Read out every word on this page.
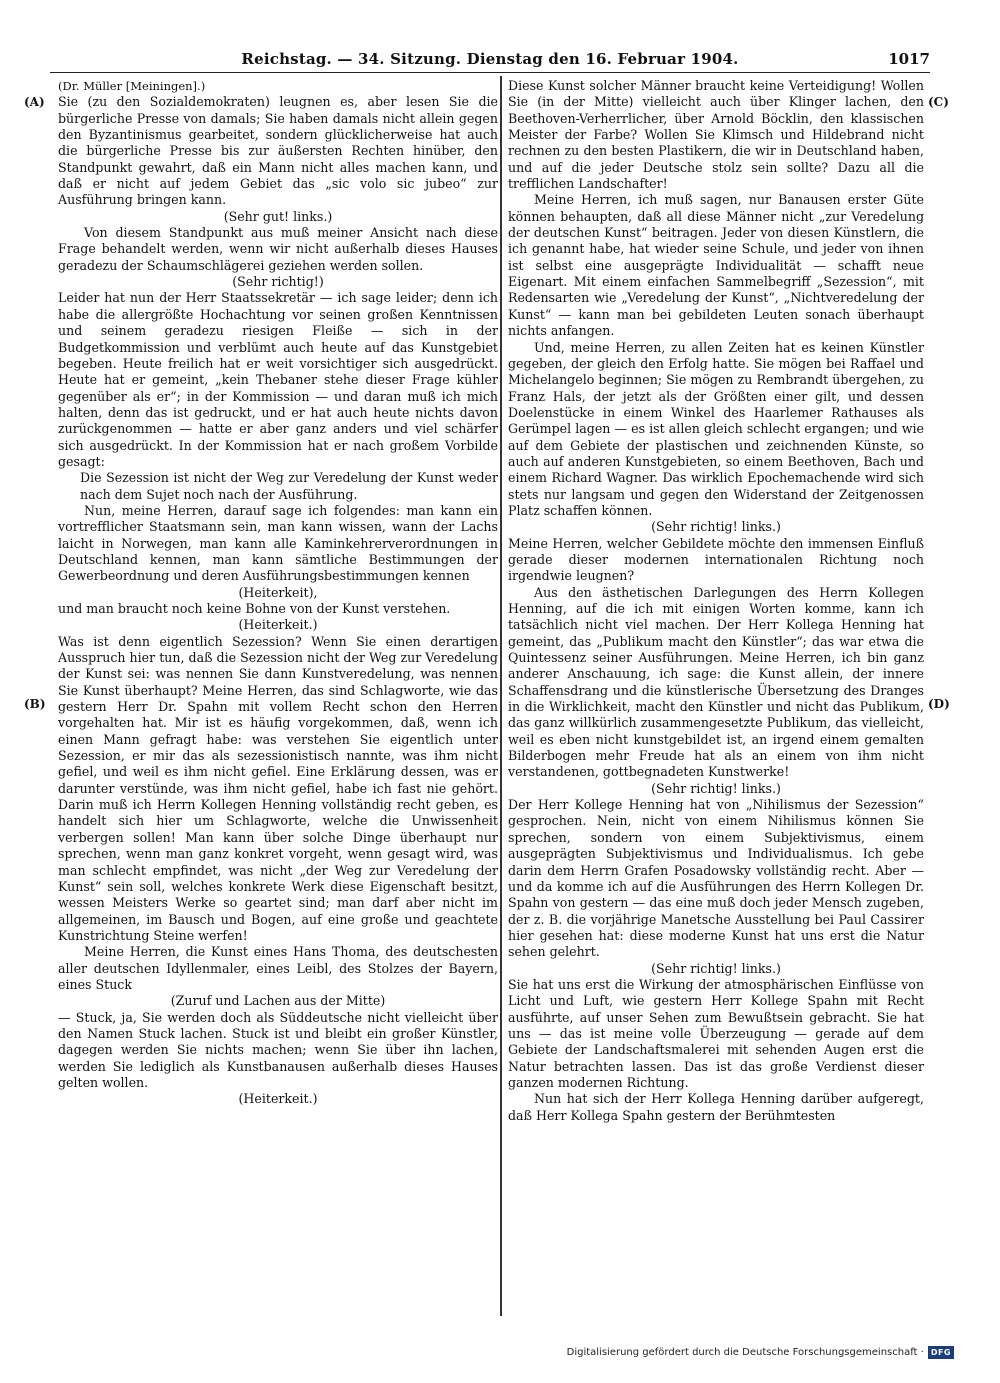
Reichstag. — 34. Sitzung. Dienstag den 16. Februar 1904.	1017
(A)
(B)
(C)
(D)

(Dr. Müller [Meiningen].)

Sie (zu den Sozialdemokraten) leugnen es, aber lesen Sie die bürgerliche Presse von damals; Sie haben damals nicht allein gegen den Byzantinismus gearbeitet, sondern glücklicherweise hat auch die bürgerliche Presse bis zur äußersten Rechten hinüber, den Standpunkt gewahrt, daß ein Mann nicht alles machen kann, und daß er nicht auf jedem Gebiet das „sic volo sic jubeo“ zur Ausführung bringen kann.

(Sehr gut! links.)

Von diesem Standpunkt aus muß meiner Ansicht nach diese Frage behandelt werden, wenn wir nicht außerhalb dieses Hauses geradezu der Schaumschlägerei geziehen werden sollen.

(Sehr richtig!)

Leider hat nun der Herr Staatssekretär — ich sage leider; denn ich habe die allergrößte Hochachtung vor seinen großen Kenntnissen und seinem geradezu riesigen Fleiße — sich in der Budgetkommission und verblümt auch heute auf das Kunstgebiet begeben. Heute freilich hat er weit vorsichtiger sich ausgedrückt. Heute hat er gemeint, „kein Thebaner stehe dieser Frage kühler gegenüber als er“; in der Kommission — und daran muß ich mich halten, denn das ist gedruckt, und er hat auch heute nichts davon zurückgenommen — hatte er aber ganz anders und viel schärfer sich ausgedrückt. In der Kommission hat er nach großem Vorbilde gesagt:

Die Sezession ist nicht der Weg zur Veredelung der Kunst weder nach dem Sujet noch nach der Ausführung.

Nun, meine Herren, darauf sage ich folgendes: man kann ein vortrefflicher Staatsmann sein, man kann wissen, wann der Lachs laicht in Norwegen, man kann alle Kaminkehrerverordnungen in Deutschland kennen, man kann sämtliche Bestimmungen der Gewerbeordnung und deren Ausführungsbestimmungen kennen

(Heiterkeit),

und man braucht noch keine Bohne von der Kunst verstehen.

(Heiterkeit.)

Was ist denn eigentlich Sezession? Wenn Sie einen derartigen Ausspruch hier tun, daß die Sezession nicht der Weg zur Veredelung der Kunst sei: was nennen Sie dann Kunstveredelung, was nennen Sie Kunst überhaupt? Meine Herren, das sind Schlagworte, wie das gestern Herr Dr. Spahn mit vollem Recht schon den Herren vorgehalten hat. Mir ist es häufig vorgekommen, daß, wenn ich einen Mann gefragt habe: was verstehen Sie eigentlich unter Sezession, er mir das als sezessionistisch nannte, was ihm nicht gefiel, und weil es ihm nicht gefiel. Eine Erklärung dessen, was er darunter verstünde, was ihm nicht gefiel, habe ich fast nie gehört. Darin muß ich Herrn Kollegen Henning vollständig recht geben, es handelt sich hier um Schlagworte, welche die Unwissenheit verbergen sollen! Man kann über solche Dinge überhaupt nur sprechen, wenn man ganz konkret vorgeht, wenn gesagt wird, was man schlecht empfindet, was nicht „der Weg zur Veredelung der Kunst“ sein soll, welches konkrete Werk diese Eigenschaft besitzt, wessen Meisters Werke so geartet sind; man darf aber nicht im allgemeinen, im Bausch und Bogen, auf eine große und geachtete Kunstrichtung Steine werfen!

Meine Herren, die Kunst eines Hans Thoma, des deutschesten aller deutschen Idyllenmaler, eines Leibl, des Stolzes der Bayern, eines Stuck

(Zuruf und Lachen aus der Mitte)

— Stuck, ja, Sie werden doch als Süddeutsche nicht vielleicht über den Namen Stuck lachen. Stuck ist und bleibt ein großer Künstler, dagegen werden Sie nichts machen; wenn Sie über ihn lachen, werden Sie lediglich als Kunstbanausen außerhalb dieses Hauses gelten wollen.

(Heiterkeit.)

Diese Kunst solcher Männer braucht keine Verteidigung! Wollen Sie (in der Mitte) vielleicht auch über Klinger lachen, den Beethoven-Verherrlicher, über Arnold Böcklin, den klassischen Meister der Farbe? Wollen Sie Klimsch und Hildebrand nicht rechnen zu den besten Plastikern, die wir in Deutschland haben, und auf die jeder Deutsche stolz sein sollte? Dazu all die trefflichen Landschafter!

Meine Herren, ich muß sagen, nur Banausen erster Güte können behaupten, daß all diese Männer nicht „zur Veredelung der deutschen Kunst“ beitragen. Jeder von diesen Künstlern, die ich genannt habe, hat wieder seine Schule, und jeder von ihnen ist selbst eine ausgeprägte Individualität — schafft neue Eigenart. Mit einem einfachen Sammelbegriff „Sezession“, mit Redensarten wie „Veredelung der Kunst“, „Nichtveredelung der Kunst“ — kann man bei gebildeten Leuten sonach überhaupt nichts anfangen.

Und, meine Herren, zu allen Zeiten hat es keinen Künstler gegeben, der gleich den Erfolg hatte. Sie mögen bei Raffael und Michelangelo beginnen; Sie mögen zu Rembrandt übergehen, zu Franz Hals, der jetzt als der Größten einer gilt, und dessen Doelenstücke in einem Winkel des Haarlemer Rathauses als Gerümpel lagen — es ist allen gleich schlecht ergangen; und wie auf dem Gebiete der plastischen und zeichnenden Künste, so auch auf anderen Kunstgebieten, so einem Beethoven, Bach und einem Richard Wagner. Das wirklich Epochemachende wird sich stets nur langsam und gegen den Widerstand der Zeitgenossen Platz schaffen können.

(Sehr richtig! links.)

Meine Herren, welcher Gebildete möchte den immensen Einfluß gerade dieser modernen internationalen Richtung noch irgendwie leugnen?

Aus den ästhetischen Darlegungen des Herrn Kollegen Henning, auf die ich mit einigen Worten komme, kann ich tatsächlich nicht viel machen. Der Herr Kollega Henning hat gemeint, das „Publikum macht den Künstler“; das war etwa die Quintessenz seiner Ausführungen. Meine Herren, ich bin ganz anderer Anschauung, ich sage: die Kunst allein, der innere Schaffensdrang und die künstlerische Übersetzung des Dranges in die Wirklichkeit, macht den Künstler und nicht das Publikum, das ganz willkürlich zusammengesetzte Publikum, das vielleicht, weil es eben nicht kunstgebildet ist, an irgend einem gemalten Bilderbogen mehr Freude hat als an einem von ihm nicht verstandenen, gottbegnadeten Kunstwerke!

(Sehr richtig! links.)

Der Herr Kollege Henning hat von „Nihilismus der Sezession“ gesprochen. Nein, nicht von einem Nihilismus können Sie sprechen, sondern von einem Subjektivismus, einem ausgeprägten Subjektivismus und Individualismus. Ich gebe darin dem Herrn Grafen Posadowsky vollständig recht. Aber — und da komme ich auf die Ausführungen des Herrn Kollegen Dr. Spahn von gestern — das eine muß doch jeder Mensch zugeben, der z. B. die vorjährige Manetsche Ausstellung bei Paul Cassirer hier gesehen hat: diese moderne Kunst hat uns erst die Natur sehen gelehrt.

(Sehr richtig! links.)

Sie hat uns erst die Wirkung der atmosphärischen Einflüsse von Licht und Luft, wie gestern Herr Kollege Spahn mit Recht ausführte, auf unser Sehen zum Bewußtsein gebracht. Sie hat uns — das ist meine volle Überzeugung — gerade auf dem Gebiete der Landschaftsmalerei mit sehenden Augen erst die Natur betrachten lassen. Das ist das große Verdienst dieser ganzen modernen Richtung.

Nun hat sich der Herr Kollega Henning darüber aufgeregt, daß Herr Kollega Spahn gestern der Berühmtesten

Digitalisierung gefördert durch die Deutsche Forschungsgemeinschaft · DFG
